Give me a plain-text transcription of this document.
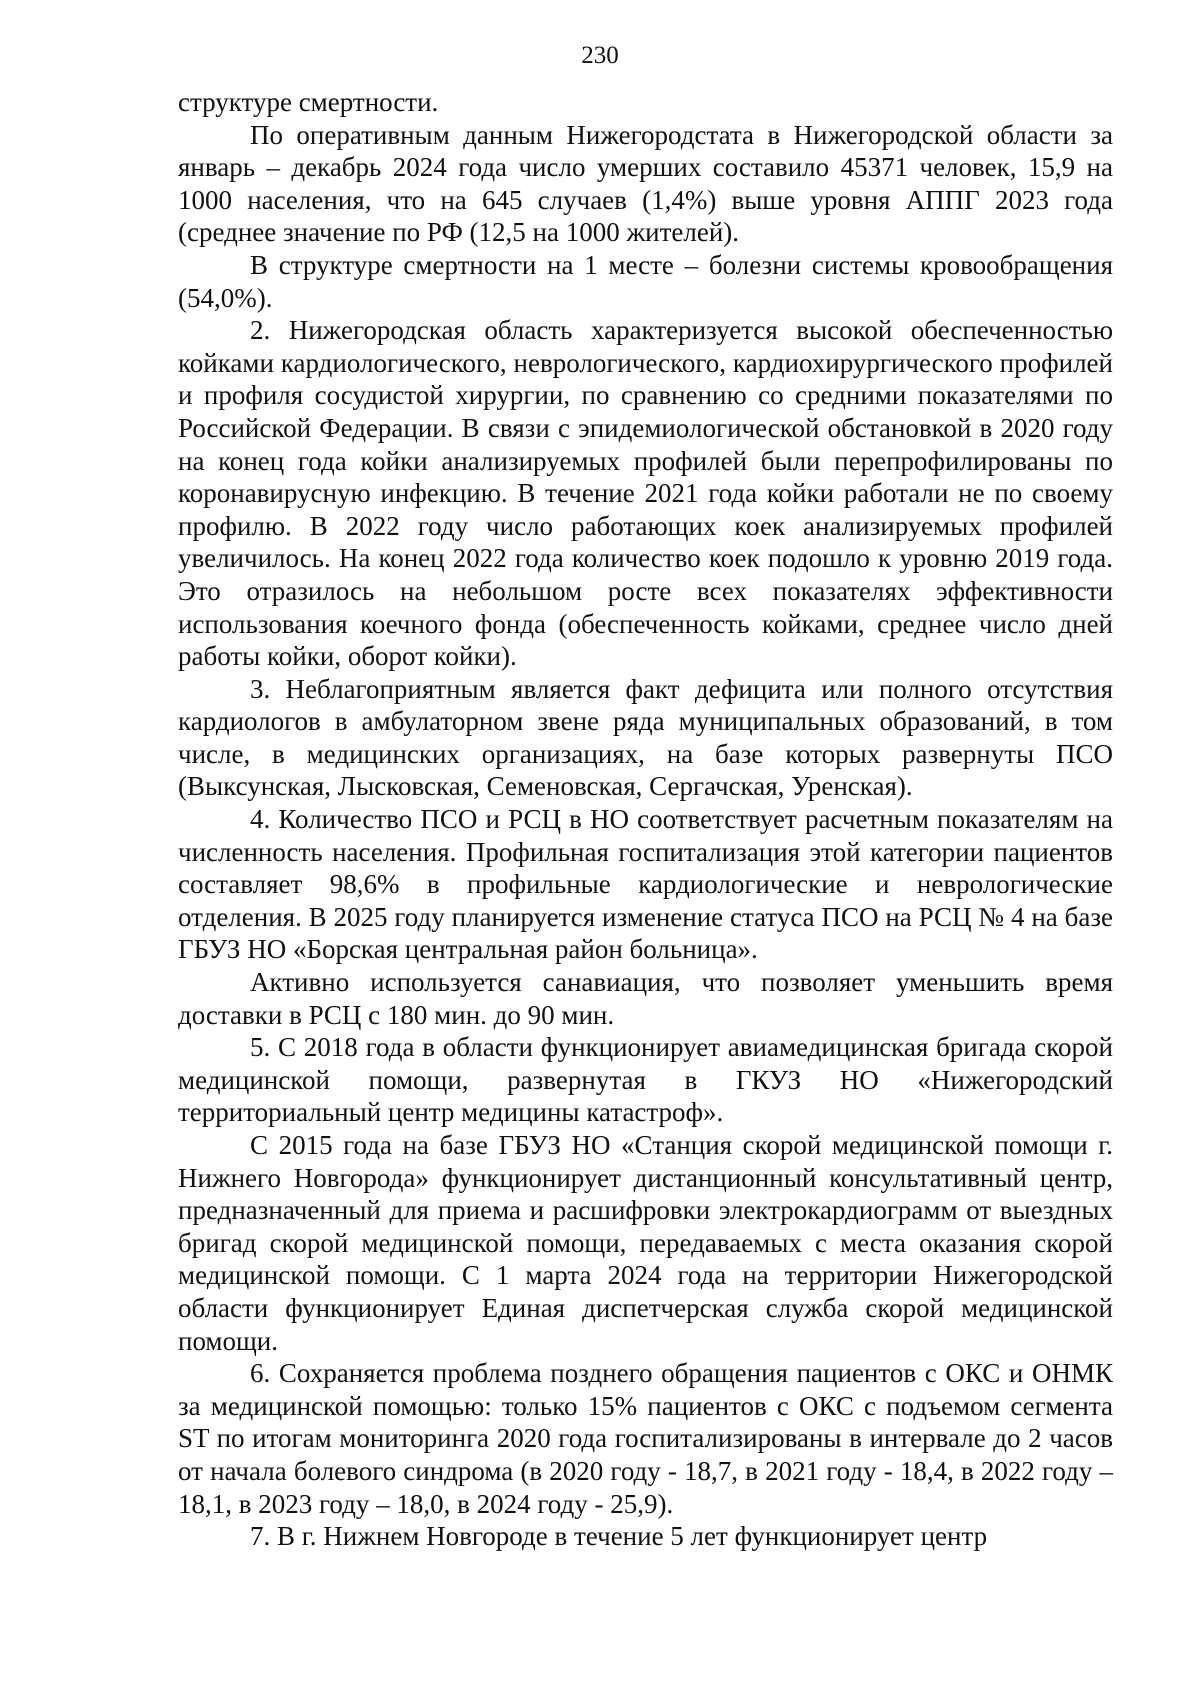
230

структуре смертности.

По оперативным данным Нижегородстата в Нижегородской области за январь – декабрь 2024 года число умерших составило 45371 человек, 15,9 на 1000 населения, что на 645 случаев (1,4%) выше уровня АППГ 2023 года (среднее значение по РФ (12,5 на 1000 жителей).

В структуре смертности на 1 месте – болезни системы кровообращения (54,0%).

2. Нижегородская область характеризуется высокой обеспеченностью койками кардиологического, неврологического, кардиохирургического профилей и профиля сосудистой хирургии, по сравнению со средними показателями по Российской Федерации. В связи с эпидемиологической обстановкой в 2020 году на конец года койки анализируемых профилей были перепрофилированы по коронавирусную инфекцию. В течение 2021 года койки работали не по своему профилю. В 2022 году число работающих коек анализируемых профилей увеличилось. На конец 2022 года количество коек подошло к уровню 2019 года. Это отразилось на небольшом росте всех показателях эффективности использования коечного фонда (обеспеченность койками, среднее число дней работы койки, оборот койки).

3. Неблагоприятным является факт дефицита или полного отсутствия кардиологов в амбулаторном звене ряда муниципальных образований, в том числе, в медицинских организациях, на базе которых развернуты ПСО (Выксунская, Лысковская, Семеновская, Сергачская, Уренская).

4. Количество ПСО и РСЦ в НО соответствует расчетным показателям на численность населения. Профильная госпитализация этой категории пациентов составляет 98,6% в профильные кардиологические и неврологические отделения. В 2025 году планируется изменение статуса ПСО на РСЦ № 4 на базе ГБУЗ НО «Борская центральная район больница».

Активно используется санавиация, что позволяет уменьшить время доставки в РСЦ с 180 мин. до 90 мин.

5. С 2018 года в области функционирует авиамедицинская бригада скорой медицинской помощи, развернутая в ГКУЗ НО «Нижегородский территориальный центр медицины катастроф».

С 2015 года на базе ГБУЗ НО «Станция скорой медицинской помощи г. Нижнего Новгорода» функционирует дистанционный консультативный центр, предназначенный для приема и расшифровки электрокардиограмм от выездных бригад скорой медицинской помощи, передаваемых с места оказания скорой медицинской помощи. С 1 марта 2024 года на территории Нижегородской области функционирует Единая диспетчерская служба скорой медицинской помощи.

6. Сохраняется проблема позднего обращения пациентов с ОКС и ОНМК за медицинской помощью: только 15% пациентов с ОКС с подъемом сегмента ST по итогам мониторинга 2020 года госпитализированы в интервале до 2 часов от начала болевого синдрома (в 2020 году - 18,7, в 2021 году - 18,4, в 2022 году – 18,1, в 2023 году – 18,0, в 2024 году - 25,9).

7. В г. Нижнем Новгороде в течение 5 лет функционирует центр
